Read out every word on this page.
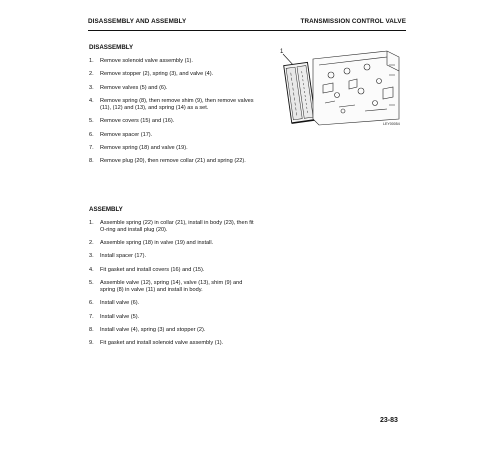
DISASSEMBLY AND ASSEMBLY	TRANSMISSION CONTROL VALVE
DISASSEMBLY
1. Remove solenoid valve assembly (1).
2. Remove stopper (2), spring (3), and valve (4).
3. Remove valves (5) and (6).
4. Remove spring (8), then remove shim (9), then remove valves (11), (12) and (13), and spring (14) as a set.
5. Remove covers (15) and (16).
6. Remove spacer (17).
7. Remove spring (18) and valve (19).
8. Remove plug (20), then remove collar (21) and spring (22).
ASSEMBLY
1. Assemble spring (22) in collar (21), install in body (23), then fit O-ring and install plug (20).
2. Assemble spring (18) in valve (19) and install.
3. Install spacer (17).
4. Fit gasket and install covers (16) and (15).
5. Assemble valve (12), spring (14), valve (13), shim (9) and spring (8) in valve (11) and install in body.
6. Install valve (6).
7. Install valve (5).
8. Install valve (4), spring (3) and stopper (2).
9. Fit gasket and install solenoid valve assembly (1).
1
LEY00054
23-83
